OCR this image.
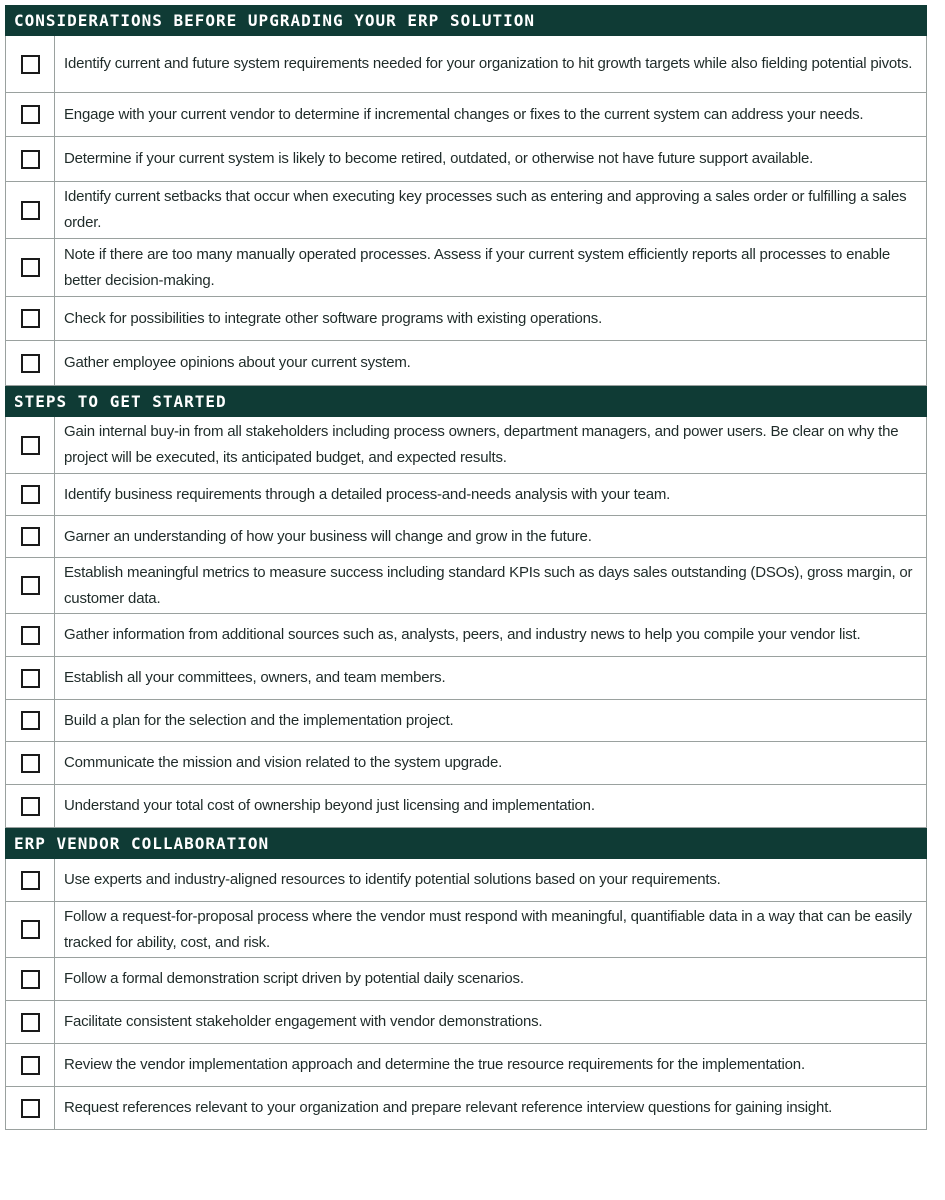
CONSIDERATIONS BEFORE UPGRADING YOUR ERP SOLUTION
Identify current and future system requirements needed for your organization to hit growth targets while also fielding potential pivots.
Engage with your current vendor to determine if incremental changes or fixes to the current system can address your needs.
Determine if your current system is likely to become retired, outdated, or otherwise not have future support available.
Identify current setbacks that occur when executing key processes such as entering and approving a sales order or fulfilling a sales order.
Note if there are too many manually operated processes. Assess if your current system efficiently reports all processes to enable better decision-making.
Check for possibilities to integrate other software programs with existing operations.
Gather employee opinions about your current system.
STEPS TO GET STARTED
Gain internal buy-in from all stakeholders including process owners, department managers, and power users. Be clear on why the project will be executed, its anticipated budget, and expected results.
Identify business requirements through a detailed process-and-needs analysis with your team.
Garner an understanding of how your business will change and grow in the future.
Establish meaningful metrics to measure success including standard KPIs such as days sales outstanding (DSOs), gross margin, or customer data.
Gather information from additional sources such as, analysts, peers, and industry news to help you compile your vendor list.
Establish all your committees, owners, and team members.
Build a plan for the selection and the implementation project.
Communicate the mission and vision related to the system upgrade.
Understand your total cost of ownership beyond just licensing and implementation.
ERP VENDOR COLLABORATION
Use experts and industry-aligned resources to identify potential solutions based on your requirements.
Follow a request-for-proposal process where the vendor must respond with meaningful, quantifiable data in a way that can be easily tracked for ability, cost, and risk.
Follow a formal demonstration script driven by potential daily scenarios.
Facilitate consistent stakeholder engagement with vendor demonstrations.
Review the vendor implementation approach and determine the true resource requirements for the implementation.
Request references relevant to your organization and prepare relevant reference interview questions for gaining insight.
